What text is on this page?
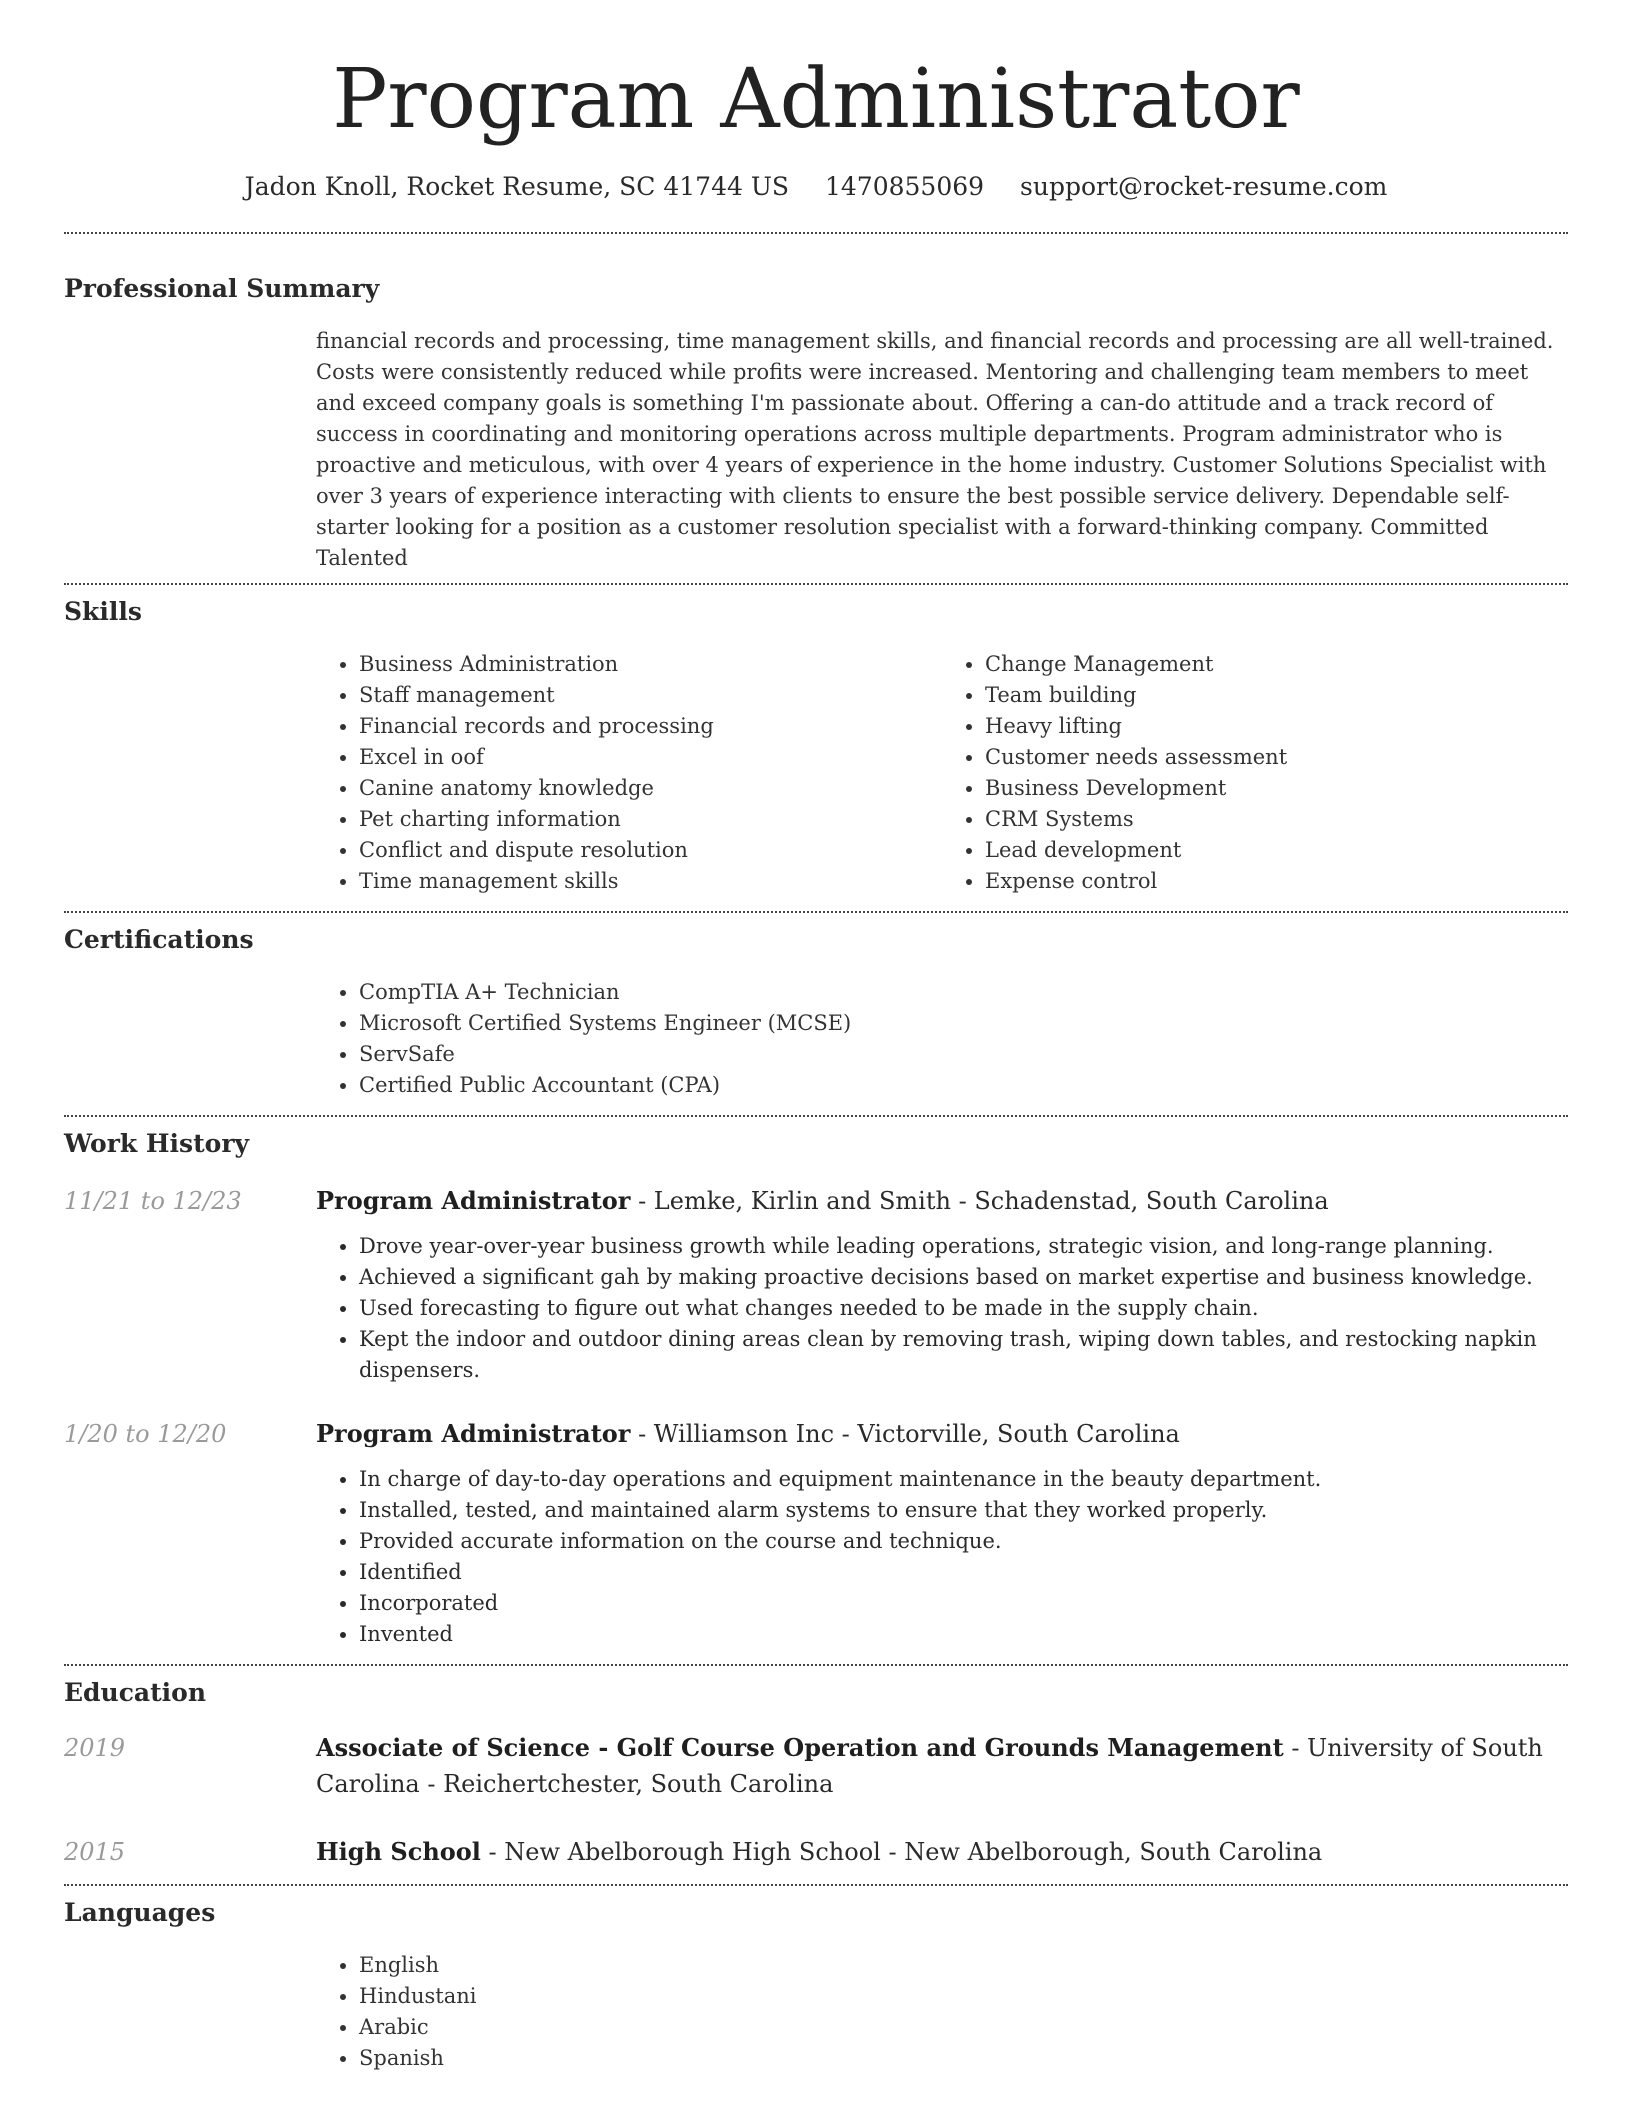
Program Administrator
Jadon Knoll, Rocket Resume, SC 41744 US 1470855069 support@rocket-resume.com
Professional Summary
financial records and processing, time management skills, and financial records and processing are all well-trained. Costs were consistently reduced while profits were increased. Mentoring and challenging team members to meet and exceed company goals is something I'm passionate about. Offering a can-do attitude and a track record of success in coordinating and monitoring operations across multiple departments. Program administrator who is proactive and meticulous, with over 4 years of experience in the home industry. Customer Solutions Specialist with over 3 years of experience interacting with clients to ensure the best possible service delivery. Dependable self-starter looking for a position as a customer resolution specialist with a forward-thinking company. Committed Talented
Skills
• Business Administration
• Staff management
• Financial records and processing
• Excel in oof
• Canine anatomy knowledge
• Pet charting information
• Conflict and dispute resolution
• Time management skills
• Change Management
• Team building
• Heavy lifting
• Customer needs assessment
• Business Development
• CRM Systems
• Lead development
• Expense control
Certifications
• CompTIA A+ Technician
• Microsoft Certified Systems Engineer (MCSE)
• ServSafe
• Certified Public Accountant (CPA)
Work History
11/21 to 12/23	Program Administrator - Lemke, Kirlin and Smith - Schadenstad, South Carolina
• Drove year-over-year business growth while leading operations, strategic vision, and long-range planning.
• Achieved a significant gah by making proactive decisions based on market expertise and business knowledge.
• Used forecasting to figure out what changes needed to be made in the supply chain.
• Kept the indoor and outdoor dining areas clean by removing trash, wiping down tables, and restocking napkin dispensers.
1/20 to 12/20	Program Administrator - Williamson Inc - Victorville, South Carolina
• In charge of day-to-day operations and equipment maintenance in the beauty department.
• Installed, tested, and maintained alarm systems to ensure that they worked properly.
• Provided accurate information on the course and technique.
• Identified
• Incorporated
• Invented
Education
2019	Associate of Science - Golf Course Operation and Grounds Management - University of South Carolina - Reichertchester, South Carolina
2015	High School - New Abelborough High School - New Abelborough, South Carolina
Languages
• English
• Hindustani
• Arabic
• Spanish
